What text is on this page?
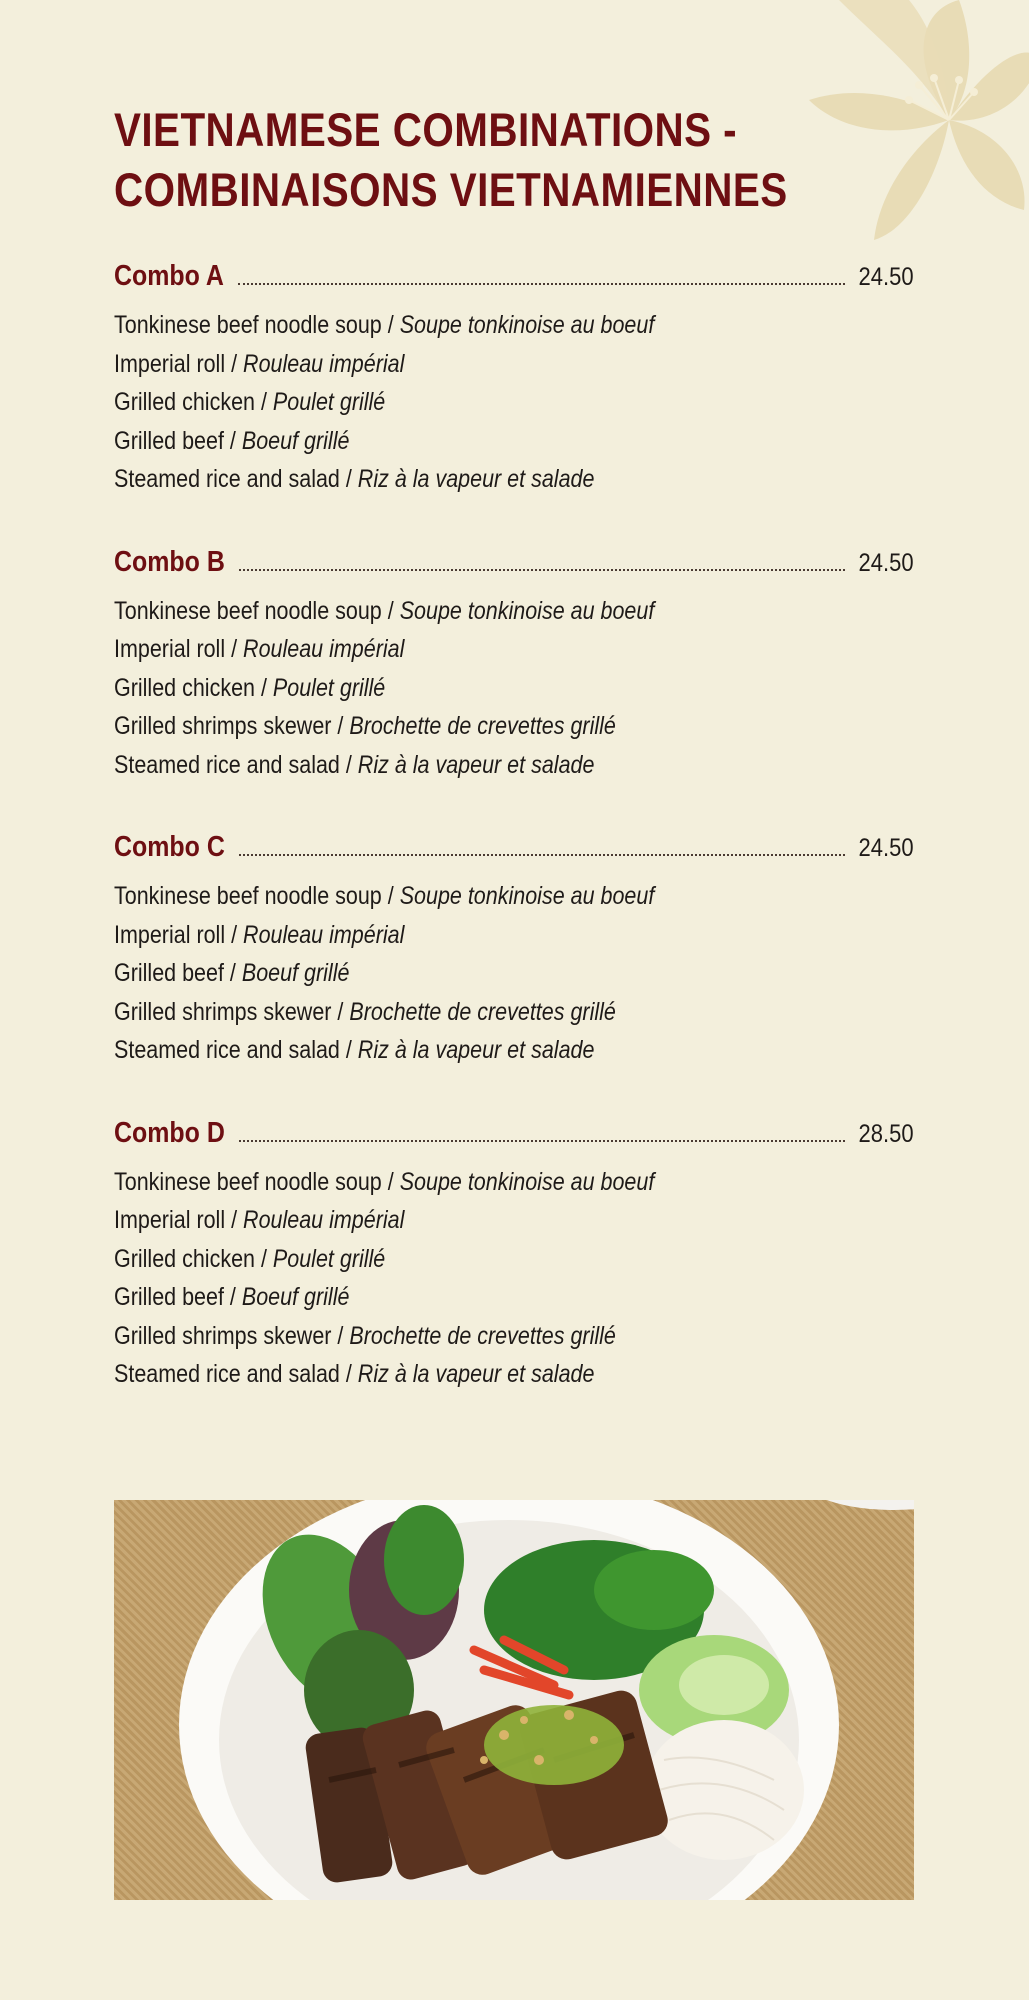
VIETNAMESE COMBINATIONS -
COMBINAISONS VIETNAMIENNES
Combo A	24.50
Tonkinese beef noodle soup / Soupe tonkinoise au boeuf
Imperial roll / Rouleau impérial
Grilled chicken / Poulet grillé
Grilled beef / Boeuf grillé
Steamed rice and salad / Riz à la vapeur et salade
Combo B	24.50
Tonkinese beef noodle soup / Soupe tonkinoise au boeuf
Imperial roll / Rouleau impérial
Grilled chicken / Poulet grillé
Grilled shrimps skewer / Brochette de crevettes grillé
Steamed rice and salad / Riz à la vapeur et salade
Combo C	24.50
Tonkinese beef noodle soup / Soupe tonkinoise au boeuf
Imperial roll / Rouleau impérial
Grilled beef / Boeuf grillé
Grilled shrimps skewer / Brochette de crevettes grillé
Steamed rice and salad / Riz à la vapeur et salade
Combo D	28.50
Tonkinese beef noodle soup / Soupe tonkinoise au boeuf
Imperial roll / Rouleau impérial
Grilled chicken / Poulet grillé
Grilled beef / Boeuf grillé
Grilled shrimps skewer / Brochette de crevettes grillé
Steamed rice and salad / Riz à la vapeur et salade
